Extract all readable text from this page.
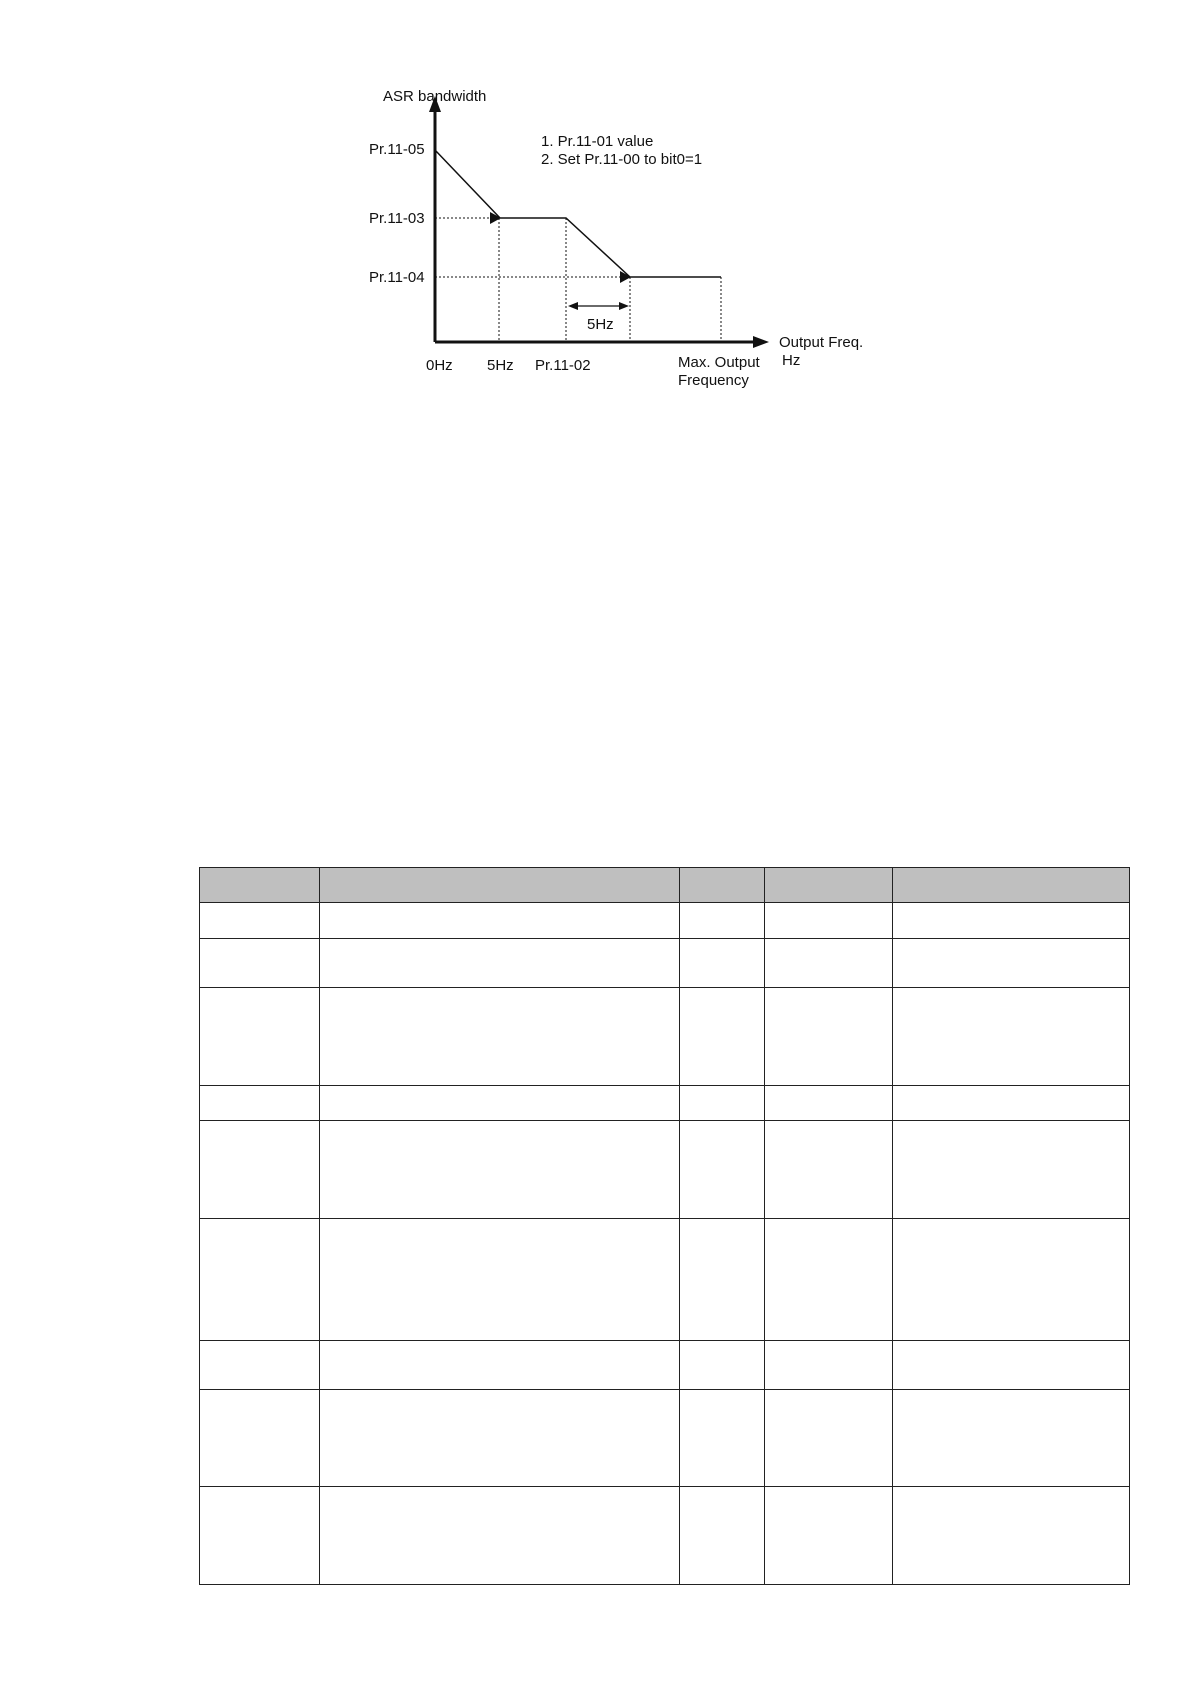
ASR bandwidth
Pr.11-05
Pr.11-03
Pr.11-04
1. Pr.11-01 value
2. Set Pr.11-00 to bit0=1
5Hz
0Hz 5Hz Pr.11-02	Max. Output
Frequency
Output Freq.
Hz
